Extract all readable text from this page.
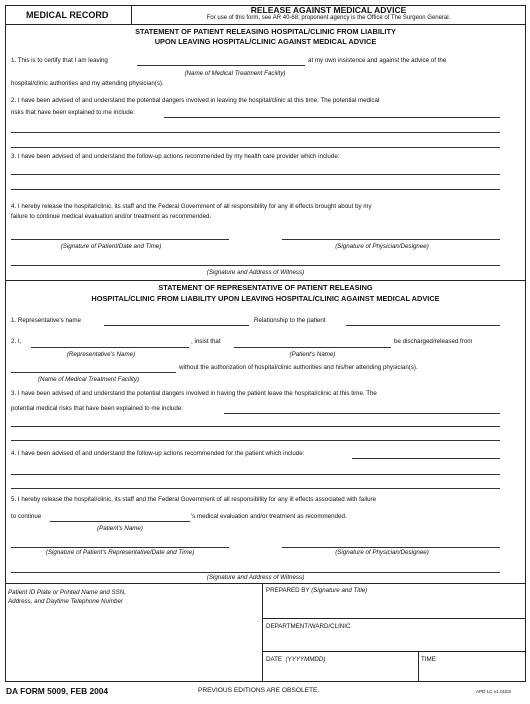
MEDICAL RECORD	RELEASE AGAINST MEDICAL ADVICE
For use of this form, see AR 40-68; proponent agency is the Office of The Surgeon General.
STATEMENT OF PATIENT RELEASING HOSPITAL/CLINIC FROM LIABILITY
UPON LEAVING HOSPITAL/CLINIC AGAINST MEDICAL ADVICE
1. This is to certify that I am leaving	at my own insistence and against the advice of the
(Name of Medical Treatment Facility)
hospital/clinic authorities and my attending physician(s).
2. I have been advised of and understand the potential dangers involved in leaving the hospital/clinic at this time. The potential medical
risks that have been explained to me include:
3. I have been advised of and understand the follow-up actions recommended by my health care provider which include:
4. I hereby release the hospital/clinic, its staff and the Federal Government of all responsibility for any ill effects brought about by my
failure to continue medical evaluation and/or treatment as recommended.
(Signature of Patient/Date and Time)	(Signature of Physician/Designee)
(Signature and Address of Witness)
STATEMENT OF REPRESENTATIVE OF PATIENT RELEASING
HOSPITAL/CLINIC FROM LIABILITY UPON LEAVING HOSPITAL/CLINIC AGAINST MEDICAL ADVICE
1. Representative's name	Relationship to the patient
2. I,	, insist that	be discharged/released from
(Representative's Name)	(Patient's Name)
without the authorization of hospital/clinic authorities and his/her attending physician(s).
(Name of Medical Treatment Facility)
3. I have been advised of and understand the potential dangers involved in having the patient leave the hospital/clinic at this time. The
potential medical risks that have been explained to me include:
4. I have been advised of and understand the follow-up actions recommended for the patient which include:
5. I hereby release the hospital/clinic, its staff and the Federal Government of all responsibility for any ill effects associated with failure
to continue	's medical evaluation and/or treatment as recommended.
(Patient's Name)
(Signature of Patient's Representative/Date and Time)	(Signature of Physician/Designee)
(Signature and Address of Witness)
Patient ID Plate or Printed Name and SSN,
Address, and Daytime Telephone Number
PREPARED BY (Signature and Title)
DEPARTMENT/WARD/CLINIC
DATE (YYYYMMDD)	TIME
DA FORM 5009, FEB 2004	PREVIOUS EDITIONS ARE OBSOLETE.	APD LC v1.01ES
